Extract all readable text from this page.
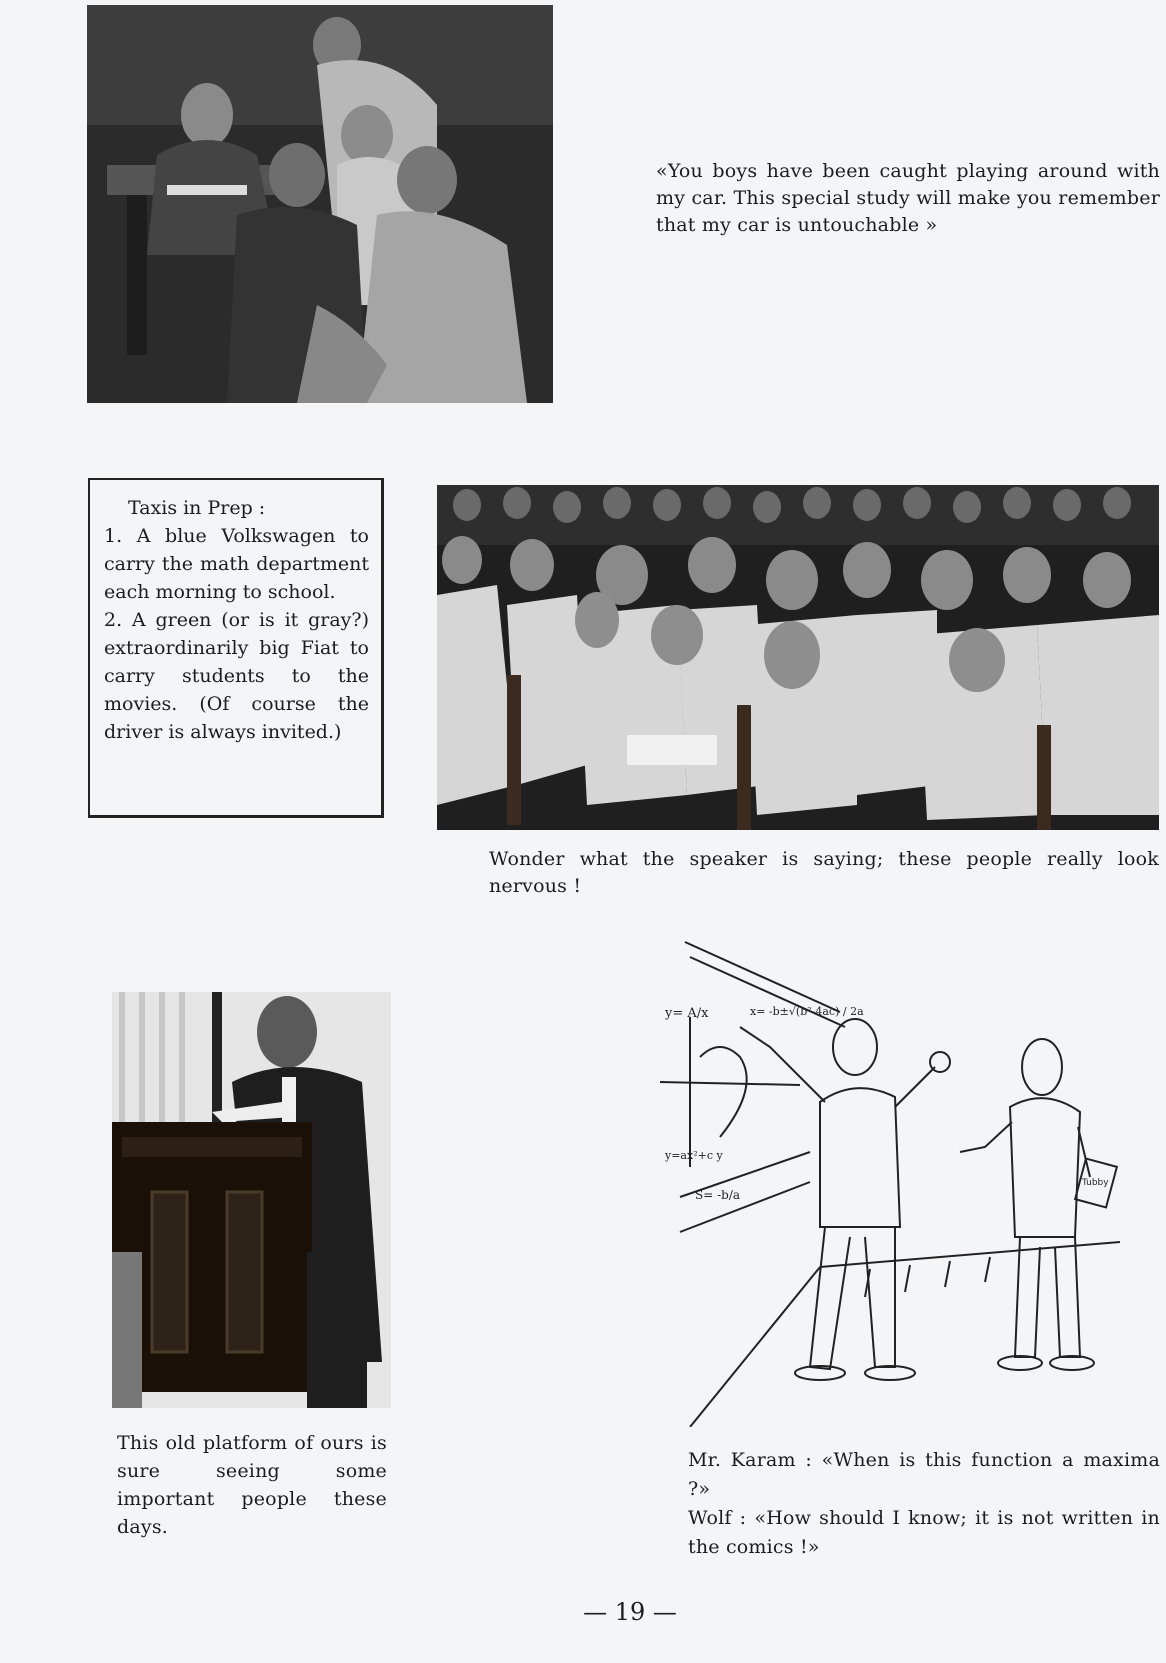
«You boys have been caught playing around with my car. This special study will make you remember that my car is untouchable »

Taxis in Prep :

1. A blue Volkswagen to carry the math department each morning to school.

2. A green (or is it gray?) extraordinarily big Fiat to carry students to the movies. (Of course the driver is always invited.)

Wonder what the speaker is saying; these people really look nervous !

This old platform of ours is sure seeing some important people these days.

y= A/x	x= -b±√(b²-4ac) / 2a
y=ax²+c y
S= -b/a
Tubby

Mr. Karam : «When is this function a maxima ?»

Wolf : «How should I know; it is not written in the comics !»

— 19 —
